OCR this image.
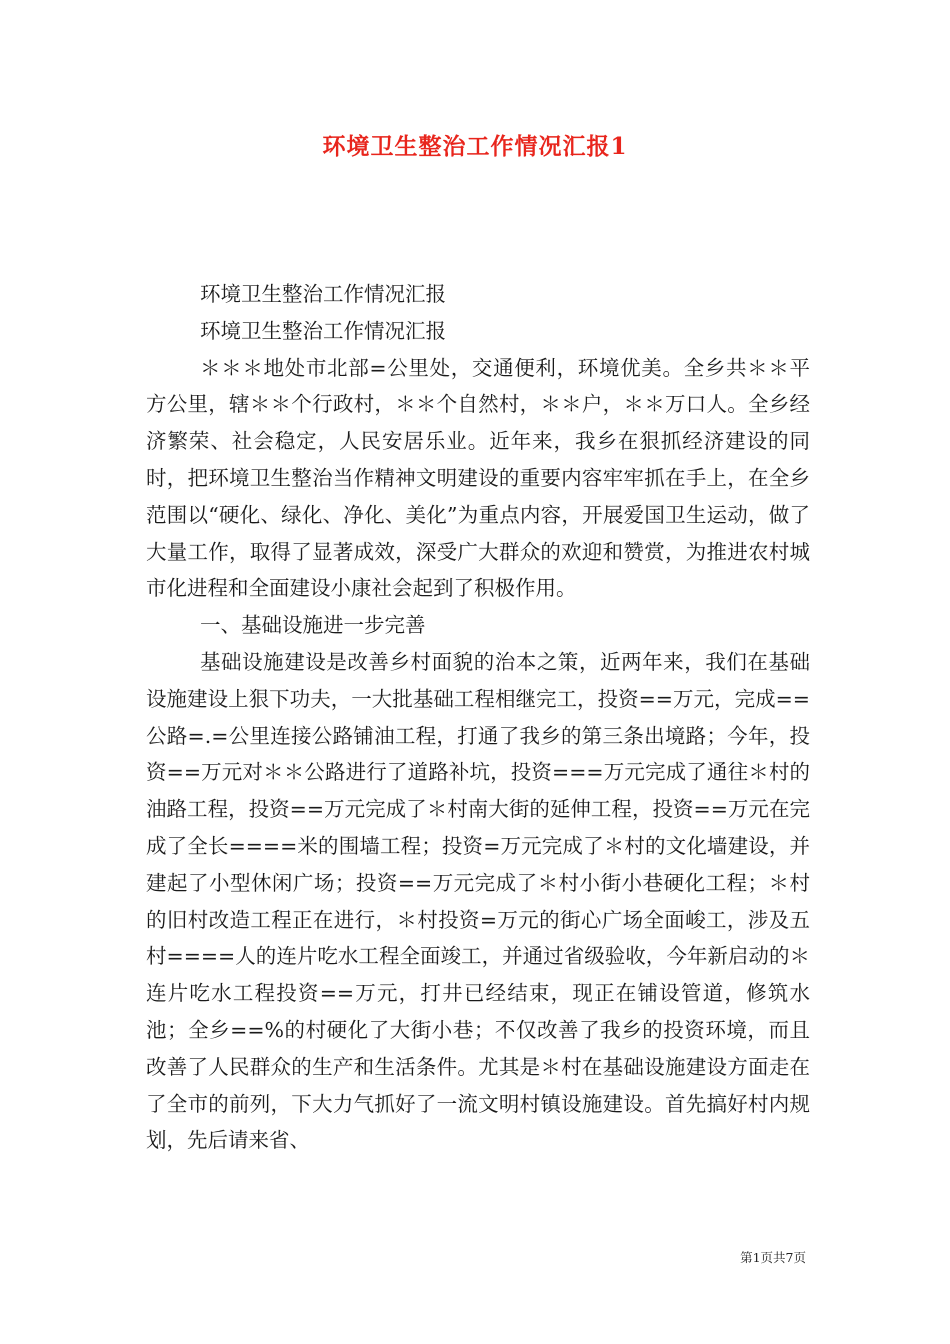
环境卫生整治工作情况汇报1

环境卫生整治工作情况汇报

环境卫生整治工作情况汇报

＊＊＊地处市北部=公里处，交通便利，环境优美。全乡共＊＊平方公里，辖＊＊个行政村，＊＊个自然村，＊＊户，＊＊万口人。全乡经济繁荣、社会稳定，人民安居乐业。近年来，我乡在狠抓经济建设的同时，把环境卫生整治当作精神文明建设的重要内容牢牢抓在手上，在全乡范围以“硬化、绿化、净化、美化”为重点内容，开展爱国卫生运动，做了大量工作，取得了显著成效，深受广大群众的欢迎和赞赏，为推进农村城市化进程和全面建设小康社会起到了积极作用。

一、基础设施进一步完善

基础设施建设是改善乡村面貌的治本之策，近两年来，我们在基础设施建设上狠下功夫，一大批基础工程相继完工，投资==万元，完成==公路=.=公里连接公路铺油工程，打通了我乡的第三条出境路；今年，投资==万元对＊＊公路进行了道路补坑，投资===万元完成了通往＊村的油路工程，投资==万元完成了＊村南大街的延伸工程，投资==万元在完成了全长====米的围墙工程；投资=万元完成了＊村的文化墙建设，并建起了小型休闲广场；投资==万元完成了＊村小街小巷硬化工程；＊村的旧村改造工程正在进行，＊村投资=万元的街心广场全面峻工，涉及五村====人的连片吃水工程全面竣工，并通过省级验收，今年新启动的＊连片吃水工程投资==万元，打井已经结束，现正在铺设管道，修筑水池；全乡==%的村硬化了大街小巷；不仅改善了我乡的投资环境，而且改善了人民群众的生产和生活条件。尤其是＊村在基础设施建设方面走在了全市的前列，下大力气抓好了一流文明村镇设施建设。首先搞好村内规划，先后请来省、

第1页共7页
